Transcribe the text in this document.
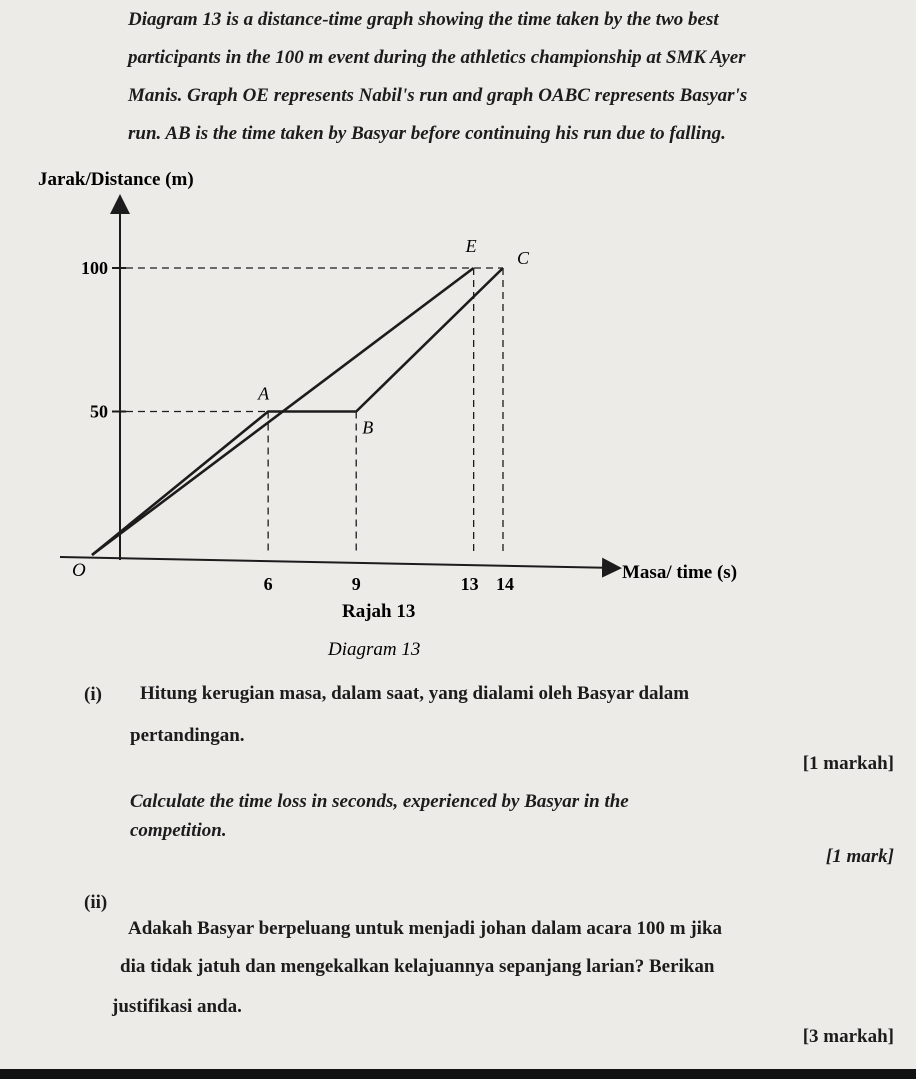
Diagram 13 is a distance-time graph showing the time taken by the two best
participants in the 100 m event during the athletics championship at SMK Ayer
Manis. Graph OE represents Nabil's run and graph OABC represents Basyar's
run. AB is the time taken by Basyar before continuing his run due to falling.
Jarak/Distance (m)
Masa/ time (s)
O
50
100
A
B
E
C
6	9	13 14
Rajah 13
Diagram 13
(i) Hitung kerugian masa, dalam saat, yang dialami oleh Basyar dalam
pertandingan.
[1 markah]
Calculate the time loss in seconds, experienced by Basyar in the
competition.
[1 mark]
(ii)
Adakah Basyar berpeluang untuk menjadi johan dalam acara 100 m jika
dia tidak jatuh dan mengekalkan kelajuannya sepanjang larian? Berikan
justifikasi anda.
[3 markah]
